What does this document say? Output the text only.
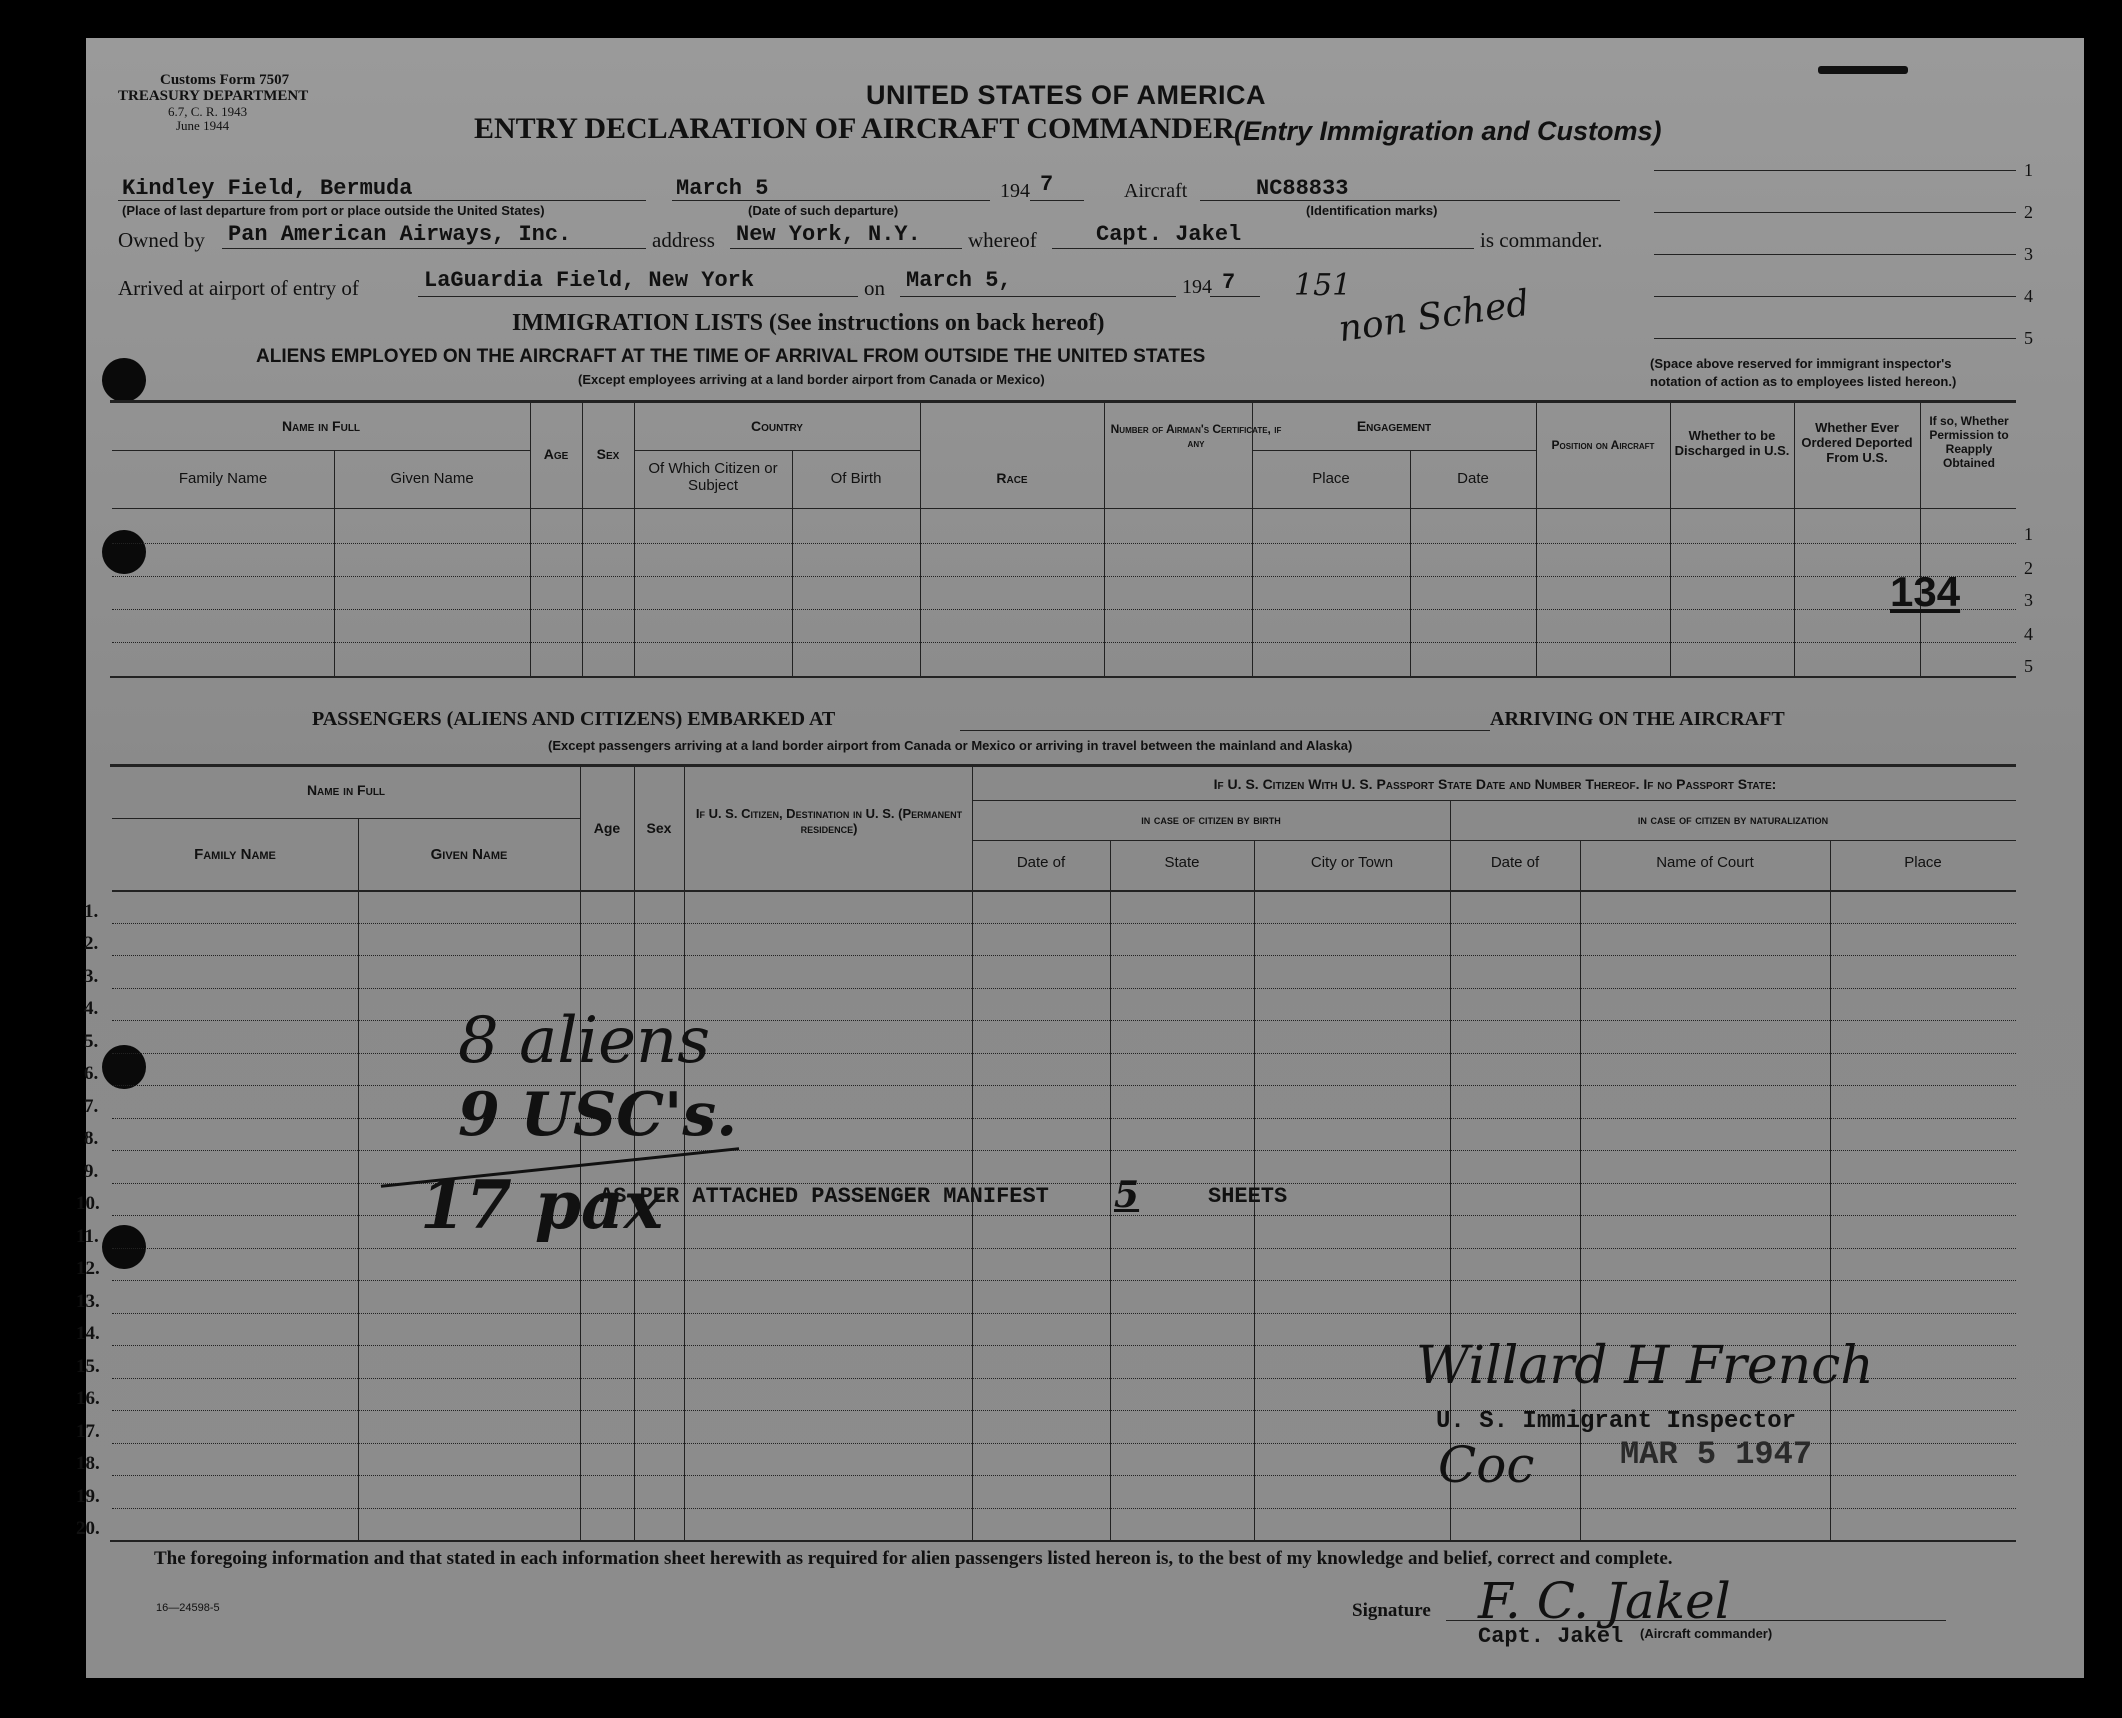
Customs Form 7507
TREASURY DEPARTMENT
6.7, C. R. 1943
June 1944
UNITED STATES OF AMERICA
ENTRY DECLARATION OF AIRCRAFT COMMANDER (Entry Immigration and Customs)
Kindley Field, Bermuda
(Place of last departure from port or place outside the United States)
March 5
(Date of such departure)
194 7	Aircraft	NC88833
(Identification marks)
Owned by Pan American Airways, Inc.	address New York, N.Y. whereof	Capt. Jakel	is commander.
Arrived at airport of entry of	LaGuardia Field, New York	on March 5,	194 7 151
non Sched
1
2
3
4
5
(Space above reserved for immigrant inspector's
notation of action as to employees listed hereon.)
IMMIGRATION LISTS (See instructions on back hereof)
ALIENS EMPLOYED ON THE AIRCRAFT AT THE TIME OF ARRIVAL FROM OUTSIDE THE UNITED STATES
(Except employees arriving at a land border airport from Canada or Mexico)
Name in Full
Family Name	Given Name
Age	Sex
Country
Of Which Citizen or Subject	Of Birth	Race
Number of Airman's Certificate, if any
Engagement
Place	Date
Position on Aircraft
Whether to be Discharged in U.S.
Whether Ever Ordered Deported From U.S.
If so, Whether Permission to Reapply Obtained
1
2
3
4
5
134
PASSENGERS (ALIENS AND CITIZENS) EMBARKED AT	ARRIVING ON THE AIRCRAFT
(Except passengers arriving at a land border airport from Canada or Mexico or arriving in travel between the mainland and Alaska)
Name in Full
Family Name	Given Name
Age	Sex
If U. S. Citizen, Destination in U. S. (Permanent residence)
If U. S. Citizen With U. S. Passport State Date and Number Thereof. If no Passport State:
in case of citizen by birth	in case of citizen by naturalization
Date of	State	City or Town	Date of	Name of Court	Place
1.
2.
3.
4.
5.
6.
7.
8.
9.
10.
11.
12.
13.
14.
15.
16.
17.
18.
19.
20.
8 aliens
9 USC's.
17 pax
AS PER ATTACHED PASSENGER MANIFEST 5	SHEETS
Willard H French
U. S. Immigrant Inspector
MAR 5 1947
Coc
The foregoing information and that stated in each information sheet herewith as required for alien passengers listed hereon is, to the best of my knowledge and belief, correct and complete.
16—24598-5	Signature F. C. Jakel
Capt. Jakel (Aircraft commander)
